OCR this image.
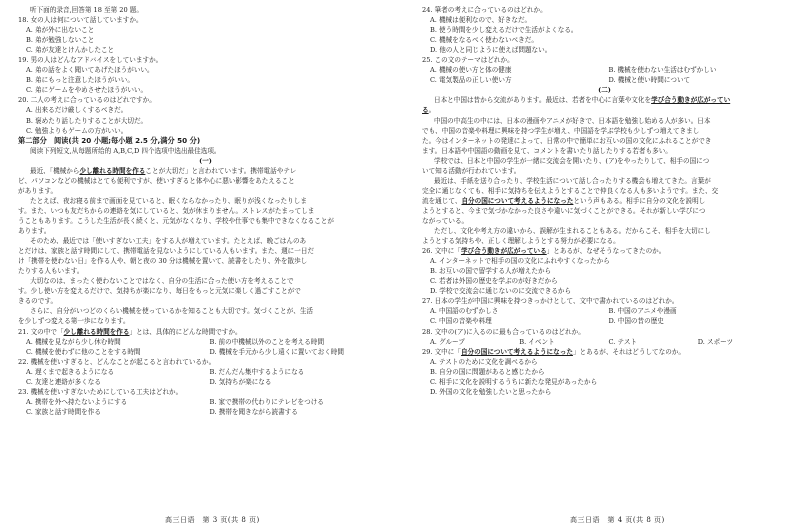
听下面的录音,回答第 18 至第 20 题。
18. 女の人は何について話していますか。
A. 弟が外に出ないこと
B. 弟が勉強しないこと
C. 弟が友達とけんかしたこと
19. 男の人はどんなアドバイスをしていますか。
A. 弟の話をよく聞いてあげたほうがいい。
B. 弟にもっと注意したほうがいい。
C. 弟にゲームをやめさせたほうがいい。
20. 二人の考えに合っているのはどれですか。
A. 出来るだけ厳しくするべきだ。
B. 褒めたり話したりすることが大切だ。
C. 勉強よりもゲームの方がいい。
第二部分　阅读(共 20 小题;每小题 2.5 分,满分 50 分)
阅读下列短文,从每题所给的 A,B,C,D 四个选项中选出最佳选项。
(一)
最近、「機械から少し離れる時間を作ることが大切だ」と言われています。携帯電話やテレ
ビ、パソコンなどの機械はとても便利ですが、使いすぎると体や心に悪い影響をあたえること
があります。
たとえば、夜お寝る前まで画面を見ていると、眠くならなかったり、眠りが浅くなったりしま
す。また、いつも友だちからの連絡を気にしていると、気が休まりません。ストレスがたまってしま
うこともあります。こうした生活が長く続くと、元気がなくなり、学校や仕事でも集中できなくなることが
あります。
そのため、最近では「使いすぎない工夫」をする人が増えています。たとえば、晩ごはんのあ
とだけは、家族と話す時間にして、携帯電話を見ないようにしている人もいます。また、週に一日だ
け「携帯を使わない日」を作る人や、朝と夜の 30 分は機械を置いて、読書をしたり、外を散歩し
たりする人もいます。
大切なのは、まったく使わないことではなく、自分の生活に合った使い方を考えることで
す。少し使い方を変えるだけで、気持ちが楽になり、毎日をもっと元気に楽しく過ごすことがで
きるのです。
さらに、自分がいつどのくらい機械を使っているかを知ることも大切です。気づくことが、生活
を少しずつ変える第一歩になります。
21. 文の中で「少し離れる時間を作る」とは、具体的にどんな時間ですか。
A. 機械を見ながら少し休む時間	B. 前の中機械以外のことを考える時間
C. 機械を使わずに他のことをする時間	D. 機械を手元から少し遠くに置いておく時間
22. 機械を使いすぎると、どんなことが起こると言われているか。
A. 遅くまで起きるようになる	B. だんだん集中するようになる
C. 友達と連絡が多くなる	D. 気持ちが楽になる
23. 機械を使いすぎないためにしている工夫はどれか。
A. 携帯を外へ持たないようにする	B. 家で携帯の代わりにテレビをつける
C. 家族と話す時間を作る	D. 携帯を聞きながら読書する
高三日语　第 3 页(共 8 页)
24. 筆者の考えに合っているのはどれか。
A. 機械は便利なので、好きなだ。
B. 使う時間を少し変えるだけで生活がよくなる。
C. 機械をなるべく使わないべきだ。
D. 他の人と同じように使えば問題ない。
25. この文のテーマはどれか。
A. 機械の使い方と体の健康	B. 機械を使わない生活はむずかしい
C. 電気製品の正しい使い方	D. 機械と使い時間について
(二)
日本と中国は昔から交流があります。最近は、若者を中心に言葉や文化を学び合う動きが広がってい
る。
中国の中高生の中には、日本の漫画やアニメが好きで、日本語を勉強し始める人が多い。日本
でも、中国の音楽や料理に興味を持つ学生が増え、中国語を学ぶ学校も少しずつ増えてきまし
た。今はインターネットの発達によって、日常の中で簡単にお互いの国の文化にふれることができ
ます。日本語や中国語の動画を見て、コメントを書いたり話したりする若者も多い。
学校では、日本と中国の学生が一緒に交流会を開いたり、(ア)をやったりして、相手の国につ
いて知る活動が行われています。
最近は、手紙を送り合ったり、学校生活について話し合ったりする機会も増えてきた。言葉が
完全に通じなくても、相手に気持ちを伝えようとすることで仲良くなる人も多いようです。また、交
流を通じて、自分の国について考えるようになったという声もある。相手に自分の文化を説明し
ようとすると、今まで気づかなかった良さや違いに気づくことができる。それが新しい学びにつ
ながっている。
ただし、文化や考え方の違いから、誤解が生まれることもある。だからこそ、相手を大切にし
ようとする気持ちや、正しく理解しようとする努力が必要になる。
26. 文中に「学び合う動きが広がっている」とあるが、なぜそうなってきたのか。
A. インターネットで相手の国の文化にふれやすくなったから
B. お互いの国で留学する人が増えたから
C. 若者は外国の歴史を学ぶのが好きだから
D. 学校で交流会に通じないのに交流できるから
27. 日本の学生が中国に興味を持つきっかけとして、文中で書かれているのはどれか。
A. 中国語のむずかしさ	B. 中国のアニメや漫画
C. 中国の音楽や料理	D. 中国の昔の歴史
28. 文中の(ア)に入るのに最も合っているのはどれか。
A. グループ	B. イベント	C. テスト	D. スポーツ
29. 文中に「自分の国について考えるようになった」とあるが、それはどうしてなのか。
A. テストのために文化を調べるから
B. 自分の国に問題があると感じたから
C. 相手に文化を説明するうちに新たな発見があったから
D. 外国の文化を勉強したいと思ったから
高三日语　第 4 页(共 8 页)
